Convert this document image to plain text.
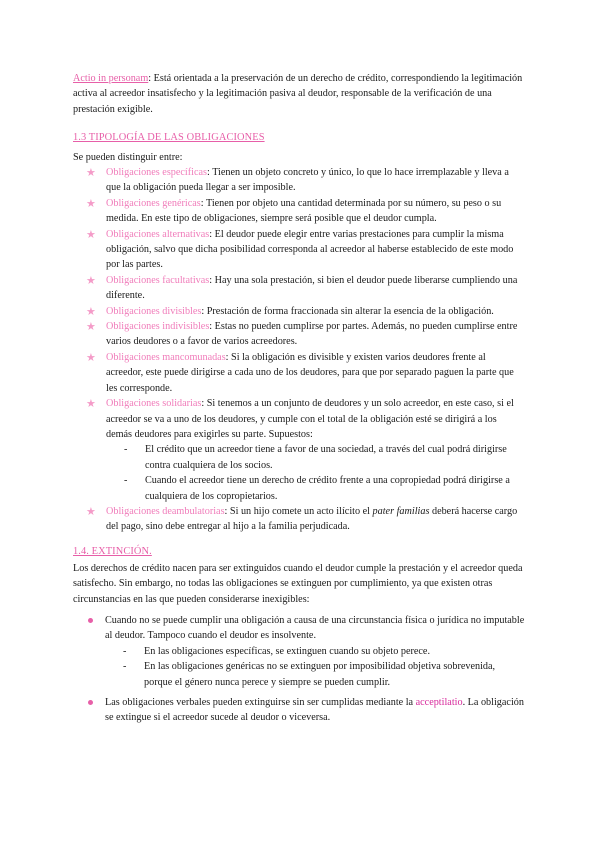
Actio in personam: Está orientada a la preservación de un derecho de crédito, correspondiendo la legitimación activa al acreedor insatisfecho y la legitimación pasiva al deudor, responsable de la verificación de una prestación exigible.

1.3 TIPOLOGÍA DE LAS OBLIGACIONES

Se pueden distinguir entre:

★ Obligaciones específicas: Tienen un objeto concreto y único, lo que lo hace irremplazable y lleva a que la obligación pueda llegar a ser imposible.
★ Obligaciones genéricas: Tienen por objeto una cantidad determinada por su número, su peso o su medida. En este tipo de obligaciones, siempre será posible que el deudor cumpla.
★ Obligaciones alternativas: El deudor puede elegir entre varias prestaciones para cumplir la misma obligación, salvo que dicha posibilidad corresponda al acreedor al haberse establecido de este modo por las partes.
★ Obligaciones facultativas: Hay una sola prestación, si bien el deudor puede liberarse cumpliendo una diferente.
★ Obligaciones divisibles: Prestación de forma fraccionada sin alterar la esencia de la obligación.
★ Obligaciones indivisibles: Estas no pueden cumplirse por partes. Además, no pueden cumplirse entre varios deudores o a favor de varios acreedores.
★ Obligaciones mancomunadas: Si la obligación es divisible y existen varios deudores frente al acreedor, este puede dirigirse a cada uno de los deudores, para que por separado paguen la parte que les corresponde.
★ Obligaciones solidarias: Si tenemos a un conjunto de deudores y un solo acreedor, en este caso, si el acreedor se va a uno de los deudores, y cumple con el total de la obligación esté se dirigirá a los demás deudores para exigirles su parte. Supuestos:
- El crédito que un acreedor tiene a favor de una sociedad, a través del cual podrá dirigirse contra cualquiera de los socios.
- Cuando el acreedor tiene un derecho de crédito frente a una copropiedad podrá dirigirse a cualquiera de los copropietarios.
★ Obligaciones deambulatorias: Si un hijo comete un acto ilícito el pater familias deberá hacerse cargo del pago, sino debe entregar al hijo a la familia perjudicada.

1.4. EXTINCIÓN.

Los derechos de crédito nacen para ser extinguidos cuando el deudor cumple la prestación y el acreedor queda satisfecho. Sin embargo, no todas las obligaciones se extinguen por cumplimiento, ya que existen otras circunstancias en las que pueden considerarse inexigibles:

Cuando no se puede cumplir una obligación a causa de una circunstancia física o jurídica no imputable al deudor. Tampoco cuando el deudor es insolvente.
- En las obligaciones específicas, se extinguen cuando su objeto perece.
- En las obligaciones genéricas no se extinguen por imposibilidad objetiva sobrevenida, porque el género nunca perece y siempre se pueden cumplir.
Las obligaciones verbales pueden extinguirse sin ser cumplidas mediante la acceptilatio. La obligación se extingue si el acreedor sucede al deudor o viceversa.
